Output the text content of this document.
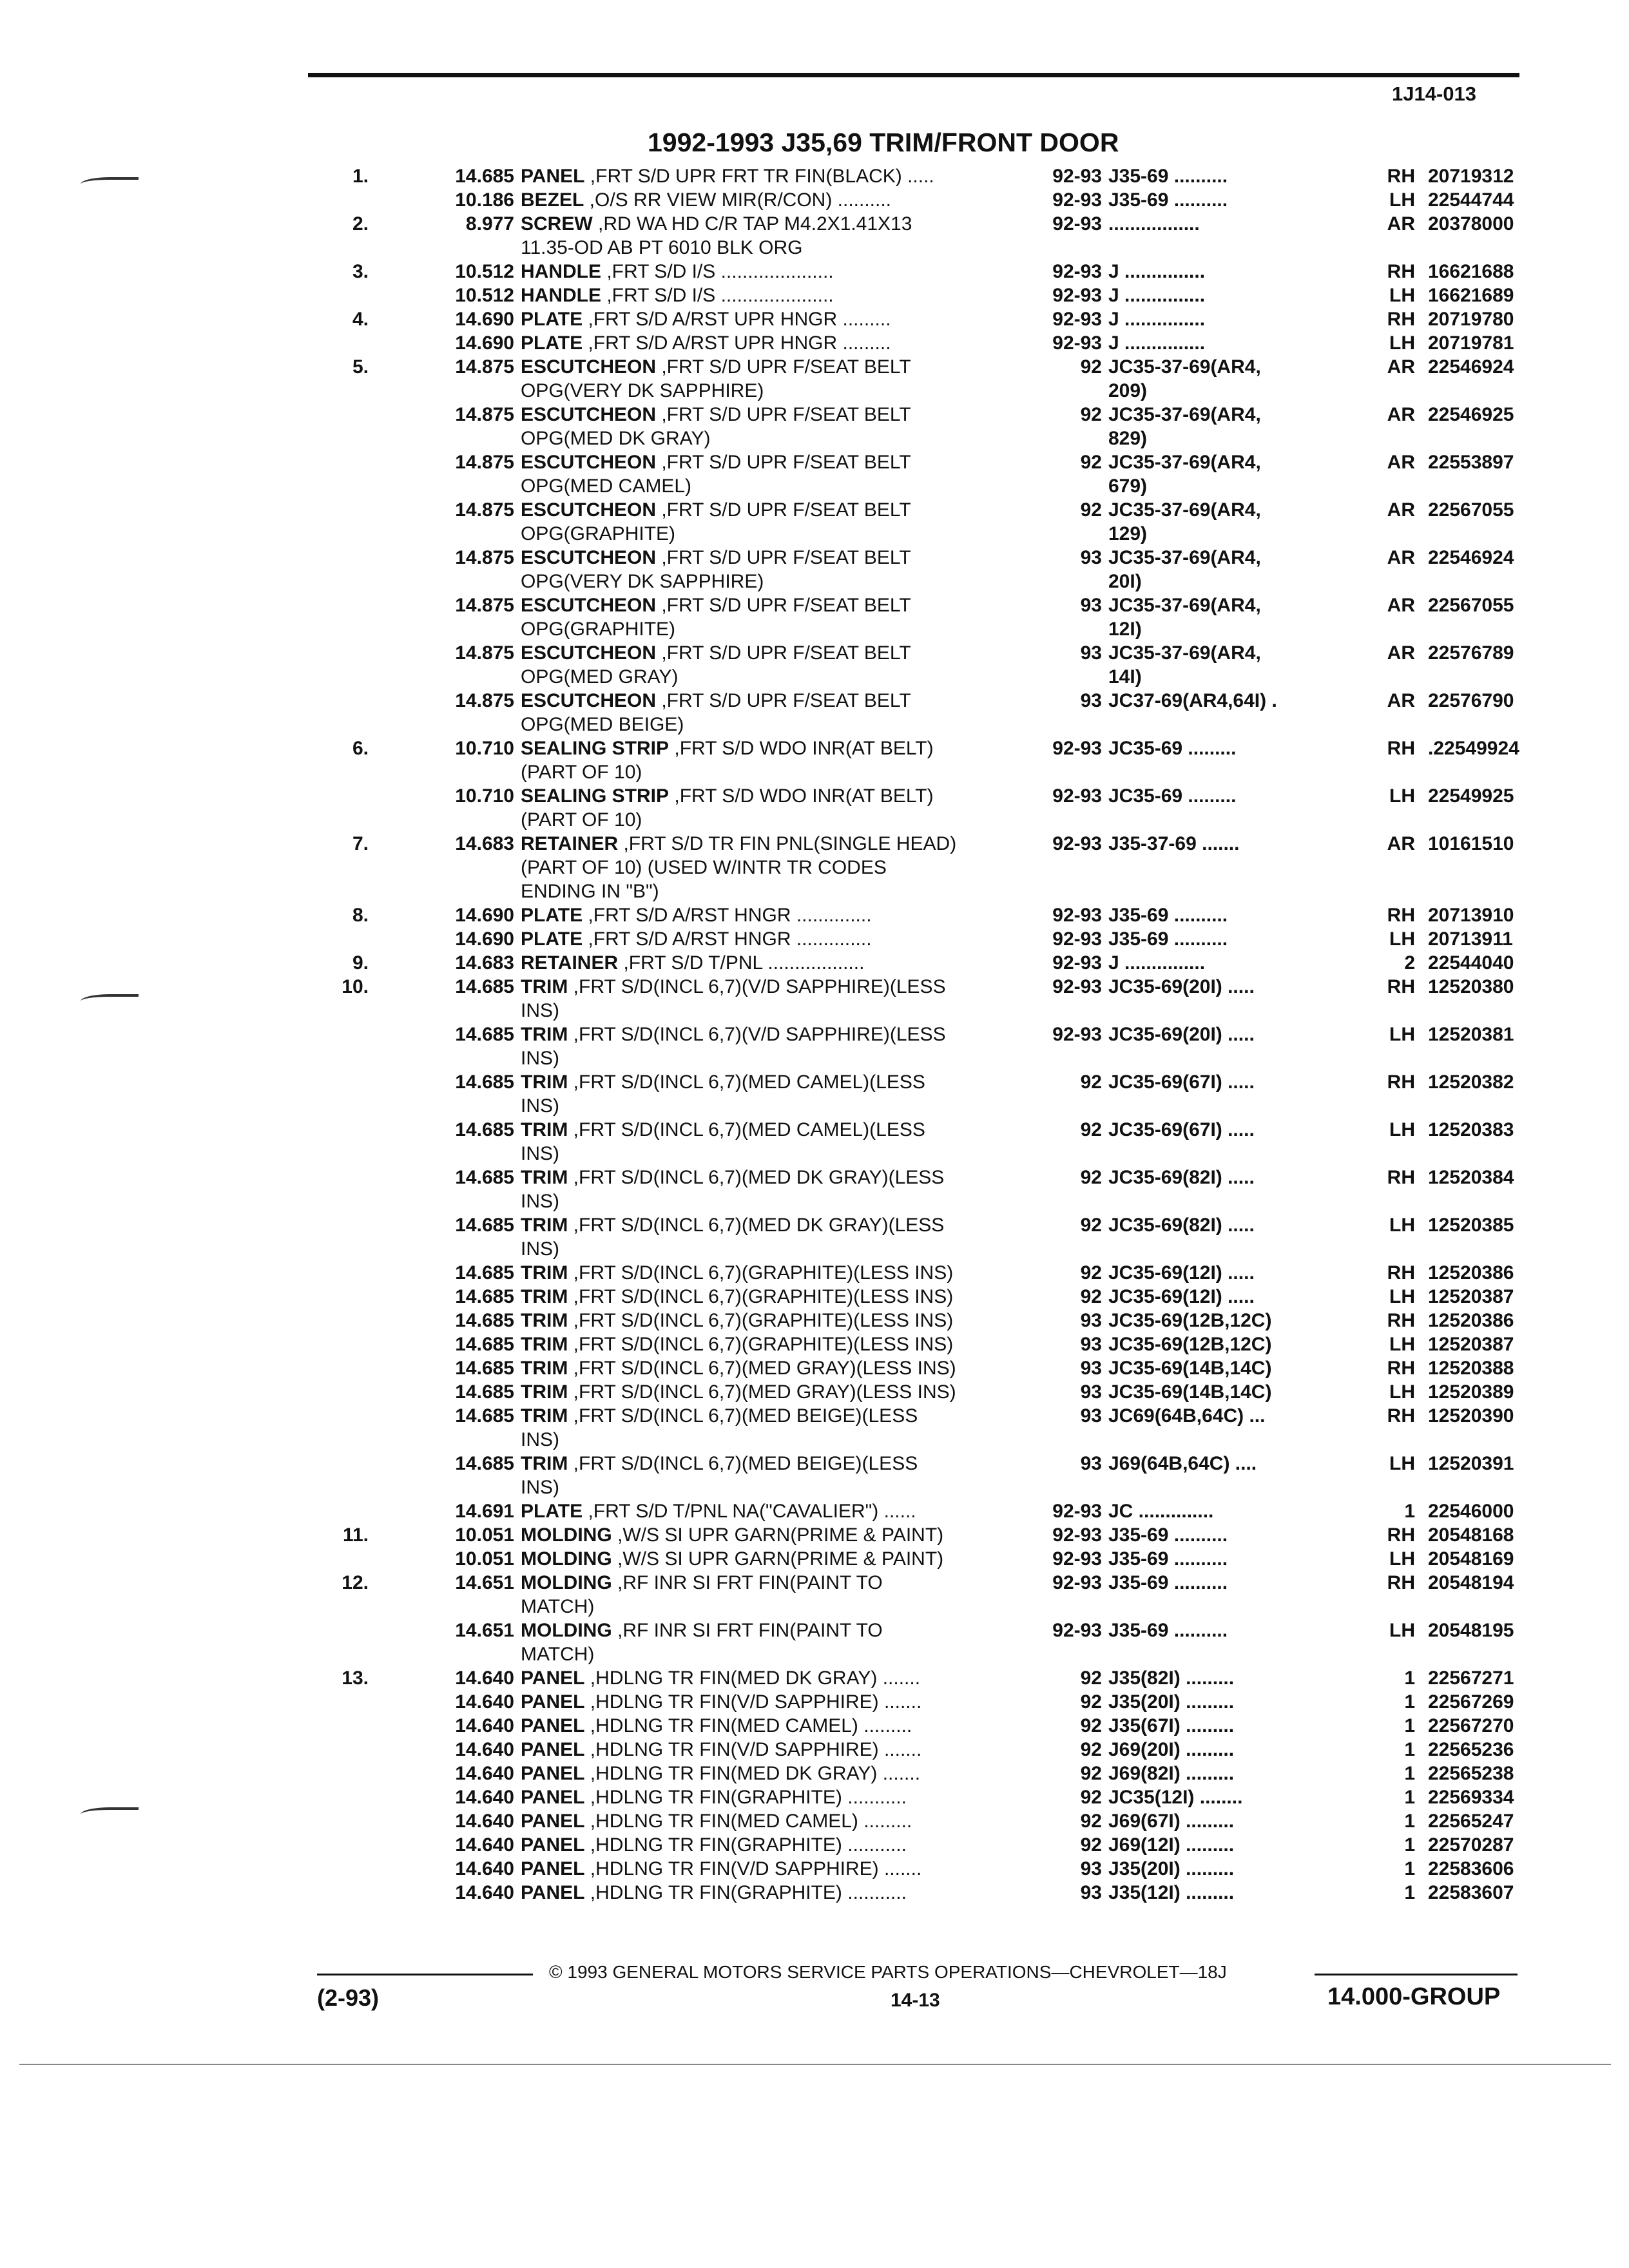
1J14-013
1992-1993 J35,69 TRIM/FRONT DOOR
1.	14.685 PANEL ,FRT S/D UPR FRT TR FIN(BLACK) .....	92-93 J35-69 ..........	RH 20719312
10.186 BEZEL ,O/S RR VIEW MIR(R/CON) ..........	92-93 J35-69 ..........	LH 22544744
2.	8.977 SCREW ,RD WA HD C/R TAP M4.2X1.41X13	92-93 .................	AR 20378000
11.35-OD AB PT 6010 BLK ORG
3.	10.512 HANDLE ,FRT S/D I/S .....................	92-93 J ...............	RH 16621688
10.512 HANDLE ,FRT S/D I/S .....................	92-93 J ...............	LH 16621689
4.	14.690 PLATE ,FRT S/D A/RST UPR HNGR .........	92-93 J ...............	RH 20719780
14.690 PLATE ,FRT S/D A/RST UPR HNGR .........	92-93 J ...............	LH 20719781
5.	14.875 ESCUTCHEON ,FRT S/D UPR F/SEAT BELT	92 JC35-37-69(AR4,	AR 22546924
OPG(VERY DK SAPPHIRE)	209)
14.875 ESCUTCHEON ,FRT S/D UPR F/SEAT BELT	92 JC35-37-69(AR4,	AR 22546925
OPG(MED DK GRAY)	829)
14.875 ESCUTCHEON ,FRT S/D UPR F/SEAT BELT	92 JC35-37-69(AR4,	AR 22553897
OPG(MED CAMEL)	679)
14.875 ESCUTCHEON ,FRT S/D UPR F/SEAT BELT	92 JC35-37-69(AR4,	AR 22567055
OPG(GRAPHITE)	129)
14.875 ESCUTCHEON ,FRT S/D UPR F/SEAT BELT	93 JC35-37-69(AR4,	AR 22546924
OPG(VERY DK SAPPHIRE)	20I)
14.875 ESCUTCHEON ,FRT S/D UPR F/SEAT BELT	93 JC35-37-69(AR4,	AR 22567055
OPG(GRAPHITE)	12I)
14.875 ESCUTCHEON ,FRT S/D UPR F/SEAT BELT	93 JC35-37-69(AR4,	AR 22576789
OPG(MED GRAY)	14I)
14.875 ESCUTCHEON ,FRT S/D UPR F/SEAT BELT	93 JC37-69(AR4,64I) .	AR 22576790
OPG(MED BEIGE)
6.	10.710 SEALING STRIP ,FRT S/D WDO INR(AT BELT)	92-93 JC35-69 .........	RH .22549924
(PART OF 10)
10.710 SEALING STRIP ,FRT S/D WDO INR(AT BELT)	92-93 JC35-69 .........	LH 22549925
(PART OF 10)
7.	14.683 RETAINER ,FRT S/D TR FIN PNL(SINGLE HEAD)	92-93 J35-37-69 .......	AR 10161510
(PART OF 10) (USED W/INTR TR CODES
ENDING IN "B")
8.	14.690 PLATE ,FRT S/D A/RST HNGR ..............	92-93 J35-69 ..........	RH 20713910
14.690 PLATE ,FRT S/D A/RST HNGR ..............	92-93 J35-69 ..........	LH 20713911
9.	14.683 RETAINER ,FRT S/D T/PNL ..................	92-93 J ...............	2 22544040
10.	14.685 TRIM ,FRT S/D(INCL 6,7)(V/D SAPPHIRE)(LESS	92-93 JC35-69(20I) .....	RH 12520380
INS)
14.685 TRIM ,FRT S/D(INCL 6,7)(V/D SAPPHIRE)(LESS	92-93 JC35-69(20I) .....	LH 12520381
INS)
14.685 TRIM ,FRT S/D(INCL 6,7)(MED CAMEL)(LESS	92 JC35-69(67I) .....	RH 12520382
INS)
14.685 TRIM ,FRT S/D(INCL 6,7)(MED CAMEL)(LESS	92 JC35-69(67I) .....	LH 12520383
INS)
14.685 TRIM ,FRT S/D(INCL 6,7)(MED DK GRAY)(LESS	92 JC35-69(82I) .....	RH 12520384
INS)
14.685 TRIM ,FRT S/D(INCL 6,7)(MED DK GRAY)(LESS	92 JC35-69(82I) .....	LH 12520385
INS)
14.685 TRIM ,FRT S/D(INCL 6,7)(GRAPHITE)(LESS INS)	92 JC35-69(12I) .....	RH 12520386
14.685 TRIM ,FRT S/D(INCL 6,7)(GRAPHITE)(LESS INS)	92 JC35-69(12I) .....	LH 12520387
14.685 TRIM ,FRT S/D(INCL 6,7)(GRAPHITE)(LESS INS)	93 JC35-69(12B,12C)	RH 12520386
14.685 TRIM ,FRT S/D(INCL 6,7)(GRAPHITE)(LESS INS)	93 JC35-69(12B,12C)	LH 12520387
14.685 TRIM ,FRT S/D(INCL 6,7)(MED GRAY)(LESS INS)	93 JC35-69(14B,14C)	RH 12520388
14.685 TRIM ,FRT S/D(INCL 6,7)(MED GRAY)(LESS INS)	93 JC35-69(14B,14C)	LH 12520389
14.685 TRIM ,FRT S/D(INCL 6,7)(MED BEIGE)(LESS	93 JC69(64B,64C) ...	RH 12520390
INS)
14.685 TRIM ,FRT S/D(INCL 6,7)(MED BEIGE)(LESS	93 J69(64B,64C) ....	LH 12520391
INS)
14.691 PLATE ,FRT S/D T/PNL NA("CAVALIER") ......	92-93 JC ..............	1 22546000
11.	10.051 MOLDING ,W/S SI UPR GARN(PRIME & PAINT)	92-93 J35-69 ..........	RH 20548168
10.051 MOLDING ,W/S SI UPR GARN(PRIME & PAINT)	92-93 J35-69 ..........	LH 20548169
12.	14.651 MOLDING ,RF INR SI FRT FIN(PAINT TO	92-93 J35-69 ..........	RH 20548194
MATCH)
14.651 MOLDING ,RF INR SI FRT FIN(PAINT TO	92-93 J35-69 ..........	LH 20548195
MATCH)
13.	14.640 PANEL ,HDLNG TR FIN(MED DK GRAY) .......	92 J35(82I) .........	1 22567271
14.640 PANEL ,HDLNG TR FIN(V/D SAPPHIRE) .......	92 J35(20I) .........	1 22567269
14.640 PANEL ,HDLNG TR FIN(MED CAMEL) .........	92 J35(67I) .........	1 22567270
14.640 PANEL ,HDLNG TR FIN(V/D SAPPHIRE) .......	92 J69(20I) .........	1 22565236
14.640 PANEL ,HDLNG TR FIN(MED DK GRAY) .......	92 J69(82I) .........	1 22565238
14.640 PANEL ,HDLNG TR FIN(GRAPHITE) ...........	92 JC35(12I) ........	1 22569334
14.640 PANEL ,HDLNG TR FIN(MED CAMEL) .........	92 J69(67I) .........	1 22565247
14.640 PANEL ,HDLNG TR FIN(GRAPHITE) ...........	92 J69(12I) .........	1 22570287
14.640 PANEL ,HDLNG TR FIN(V/D SAPPHIRE) .......	93 J35(20I) .........	1 22583606
14.640 PANEL ,HDLNG TR FIN(GRAPHITE) ...........	93 J35(12I) .........	1 22583607
© 1993 GENERAL MOTORS SERVICE PARTS OPERATIONS—CHEVROLET—18J
(2-93)	14-13	14.000-GROUP
